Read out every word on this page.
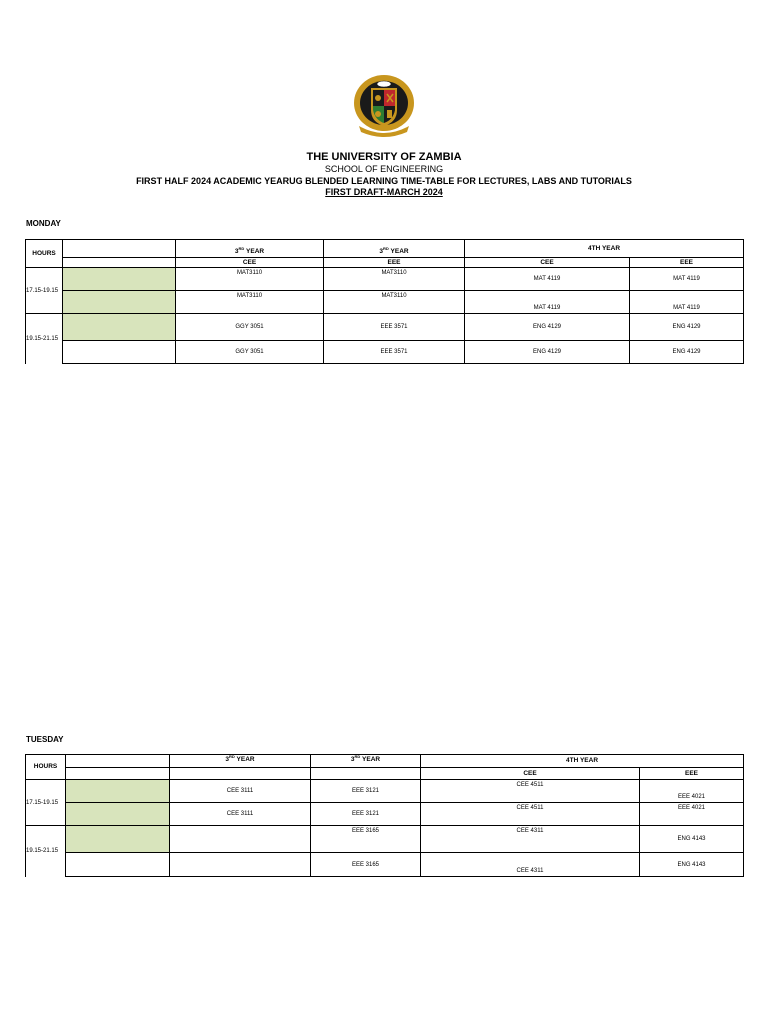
THE UNIVERSITY OF ZAMBIA
SCHOOL OF ENGINEERING
FIRST HALF 2024 ACADEMIC YEARUG BLENDED LEARNING TIME-TABLE FOR LECTURES, LABS AND TUTORIALS
FIRST DRAFT-MARCH 2024
MONDAY
HOURS		3RD YEAR	3RD YEAR	4TH YEAR	
		CEE	EEE	CEE	EEE
17.15-19.15		MAT3110	MAT3110	MAT 4119	MAT 4119
		MAT3110	MAT3110	MAT 4119	MAT 4119
19.15-21.15		GGY 3051	EEE 3571	ENG 4129	ENG 4129
		GGY 3051	EEE 3571	ENG 4129	ENG 4129
TUESDAY
HOURS		3RD YEAR	3RD YEAR	4TH YEAR	
				CEE	EEE
17.15-19.15		CEE 3111	EEE 3121	CEE 4511	EEE 4021
		CEE 3111	EEE 3121	CEE 4511	EEE 4021
19.15-21.15			EEE 3165	CEE 4311	ENG 4143
			EEE 3165	CEE 4311	ENG 4143
